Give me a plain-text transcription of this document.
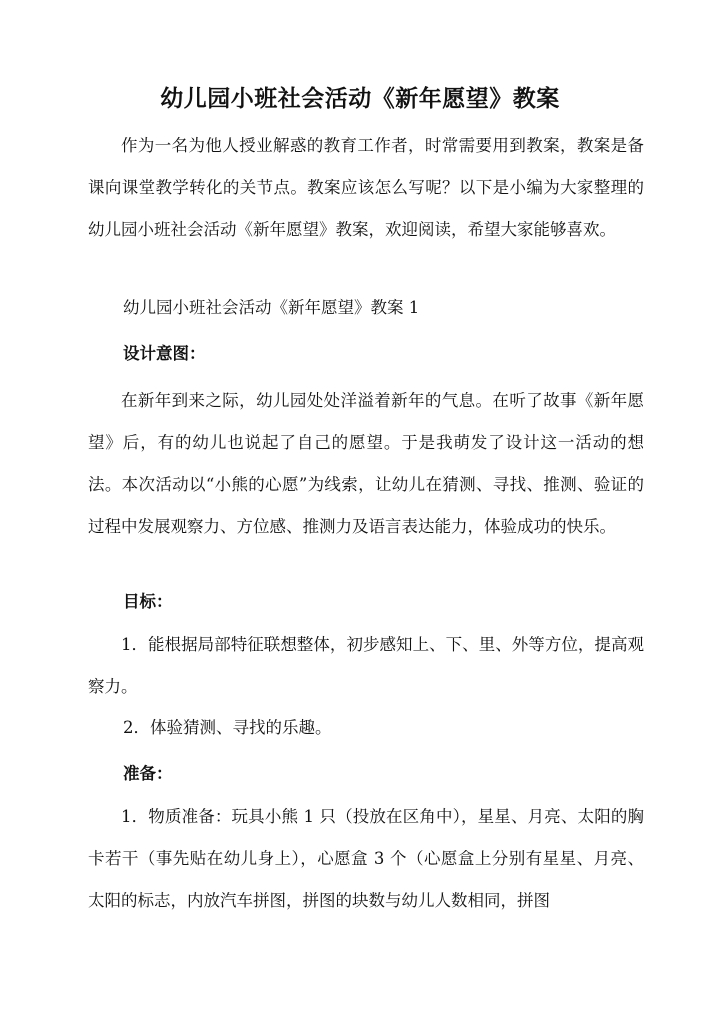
幼儿园小班社会活动《新年愿望》教案
作为一名为他人授业解惑的教育工作者，时常需要用到教案，教案是备课向课堂教学转化的关节点。教案应该怎么写呢？以下是小编为大家整理的幼儿园小班社会活动《新年愿望》教案，欢迎阅读，希望大家能够喜欢。
幼儿园小班社会活动《新年愿望》教案 1
设计意图：
在新年到来之际，幼儿园处处洋溢着新年的气息。在听了故事《新年愿望》后，有的幼儿也说起了自己的愿望。于是我萌发了设计这一活动的想法。本次活动以“小熊的心愿”为线索，让幼儿在猜测、寻找、推测、验证的过程中发展观察力、方位感、推测力及语言表达能力，体验成功的快乐。
目标：
1．能根据局部特征联想整体，初步感知上、下、里、外等方位，提高观察力。
2．体验猜测、寻找的乐趣。
准备：
1．物质准备：玩具小熊 1 只（投放在区角中），星星、月亮、太阳的胸卡若干（事先贴在幼儿身上），心愿盒 3 个（心愿盒上分别有星星、月亮、太阳的标志，内放汽车拼图，拼图的块数与幼儿人数相同，拼图
